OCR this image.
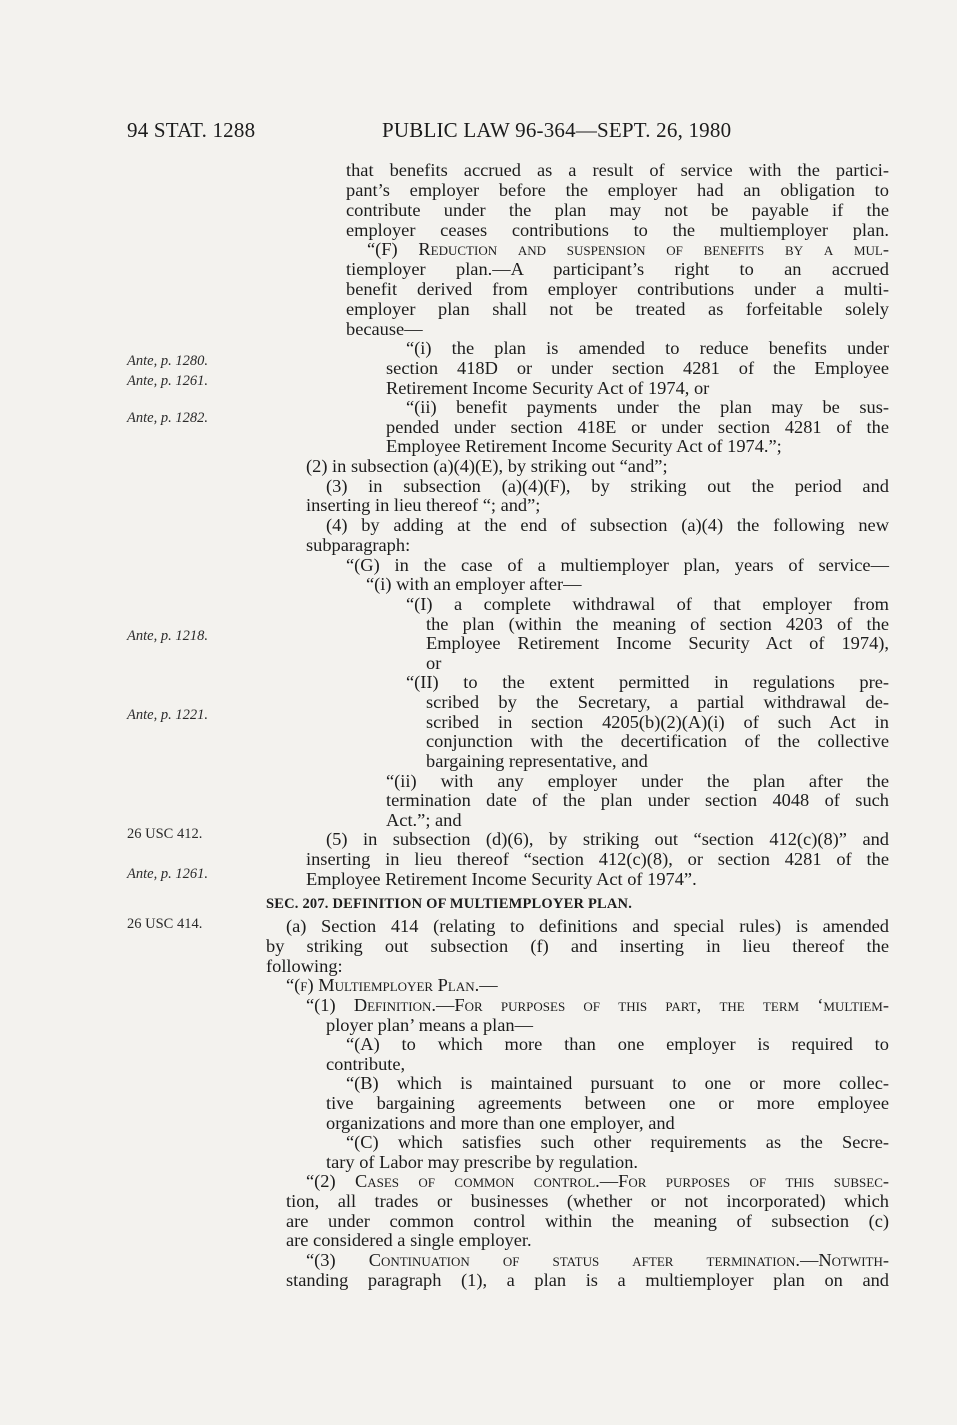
94 STAT. 1288	PUBLIC LAW 96-364—SEPT. 26, 1980
Ante, p. 1280.
Ante, p. 1261.
Ante, p. 1282.
Ante, p. 1218.
Ante, p. 1221.
26 USC 412.
Ante, p. 1261.
26 USC 414.
that benefits accrued as a result of service with the partici-
pant’s employer before the employer had an obligation to
contribute under the plan may not be payable if the
employer ceases contributions to the multiemployer plan.
“(F) Reduction and suspension of benefits by a mul-
tiemployer plan.—A participant’s right to an accrued
benefit derived from employer contributions under a multi-
employer plan shall not be treated as forfeitable solely
because—
“(i) the plan is amended to reduce benefits under
section 418D or under section 4281 of the Employee
Retirement Income Security Act of 1974, or
“(ii) benefit payments under the plan may be sus-
pended under section 418E or under section 4281 of the
Employee Retirement Income Security Act of 1974.”;
(2) in subsection (a)(4)(E), by striking out “and”;
(3) in subsection (a)(4)(F), by striking out the period and
inserting in lieu thereof “; and”;
(4) by adding at the end of subsection (a)(4) the following new
subparagraph:
“(G) in the case of a multiemployer plan, years of service—
“(i) with an employer after—
“(I) a complete withdrawal of that employer from
the plan (within the meaning of section 4203 of the
Employee Retirement Income Security Act of 1974),
or
“(II) to the extent permitted in regulations pre-
scribed by the Secretary, a partial withdrawal de-
scribed in section 4205(b)(2)(A)(i) of such Act in
conjunction with the decertification of the collective
bargaining representative, and
“(ii) with any employer under the plan after the
termination date of the plan under section 4048 of such
Act.”; and
(5) in subsection (d)(6), by striking out “section 412(c)(8)” and
inserting in lieu thereof “section 412(c)(8), or section 4281 of the
Employee Retirement Income Security Act of 1974”.
SEC. 207. DEFINITION OF MULTIEMPLOYER PLAN.
(a) Section 414 (relating to definitions and special rules) is amended
by striking out subsection (f) and inserting in lieu thereof the
following:
“(f) Multiemployer Plan.—
“(1) Definition.—For purposes of this part, the term ‘multiem-
ployer plan’ means a plan—
“(A) to which more than one employer is required to
contribute,
“(B) which is maintained pursuant to one or more collec-
tive bargaining agreements between one or more employee
organizations and more than one employer, and
“(C) which satisfies such other requirements as the Secre-
tary of Labor may prescribe by regulation.
“(2) Cases of common control.—For purposes of this subsec-
tion, all trades or businesses (whether or not incorporated) which
are under common control within the meaning of subsection (c)
are considered a single employer.
“(3) Continuation of status after termination.—Notwith-
standing paragraph (1), a plan is a multiemployer plan on and
